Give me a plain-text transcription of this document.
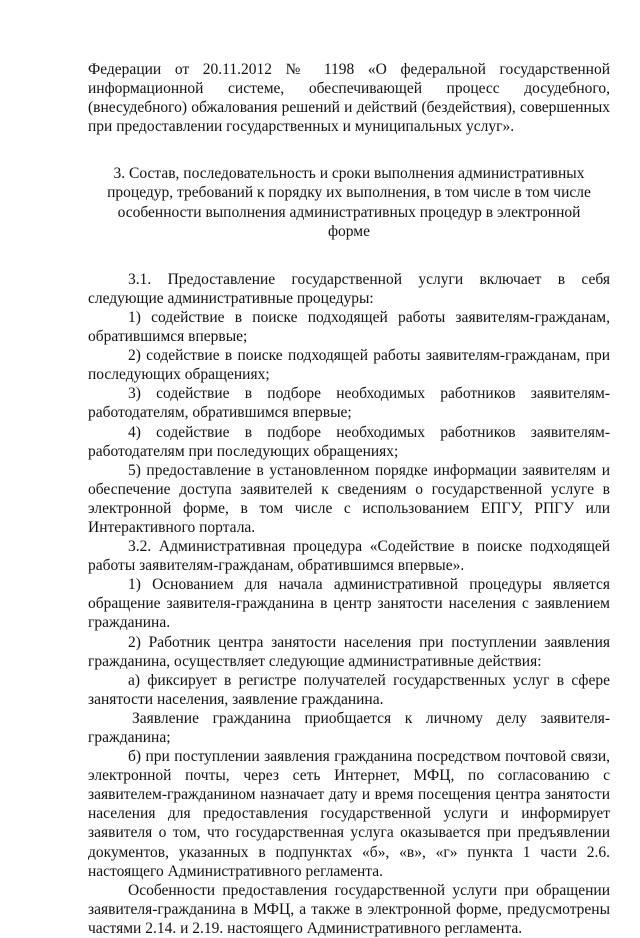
Федерации от 20.11.2012 № 1198 «О федеральной государственной информационной системе, обеспечивающей процесс досудебного, (внесудебного) обжалования решений и действий (бездействия), совершенных при предоставлении государственных и муниципальных услуг».

3. Состав, последовательность и сроки выполнения административных процедур, требований к порядку их выполнения, в том числе в том числе особенности выполнения административных процедур в электронной форме

3.1. Предоставление государственной услуги включает в себя следующие административные процедуры:

1) содействие в поиске подходящей работы заявителям-гражданам, обратившимся впервые;

2) содействие в поиске подходящей работы заявителям-гражданам, при последующих обращениях;

3) содействие в подборе необходимых работников заявителям-работодателям, обратившимся впервые;

4) содействие в подборе необходимых работников заявителям-работодателям при последующих обращениях;

5) предоставление в установленном порядке информации заявителям и обеспечение доступа заявителей к сведениям о государственной услуге в электронной форме, в том числе с использованием ЕПГУ, РПГУ или Интерактивного портала.

3.2. Административная процедура «Содействие в поиске подходящей работы заявителям-гражданам, обратившимся впервые».

1) Основанием для начала административной процедуры является обращение заявителя-гражданина в центр занятости населения с заявлением гражданина.

2) Работник центра занятости населения при поступлении заявления гражданина, осуществляет следующие административные действия:

а) фиксирует в регистре получателей государственных услуг в сфере занятости населения, заявление гражданина.

Заявление гражданина приобщается к личному делу заявителя-гражданина;

б) при поступлении заявления гражданина посредством почтовой связи, электронной почты, через сеть Интернет, МФЦ, по согласованию с заявителем-гражданином назначает дату и время посещения центра занятости населения для предоставления государственной услуги и информирует заявителя о том, что государственная услуга оказывается при предъявлении документов, указанных в подпунктах «б», «в», «г» пункта 1 части 2.6. настоящего Административного регламента.

Особенности предоставления государственной услуги при обращении заявителя-гражданина в МФЦ, а также в электронной форме, предусмотрены частями 2.14. и 2.19. настоящего Административного регламента.
